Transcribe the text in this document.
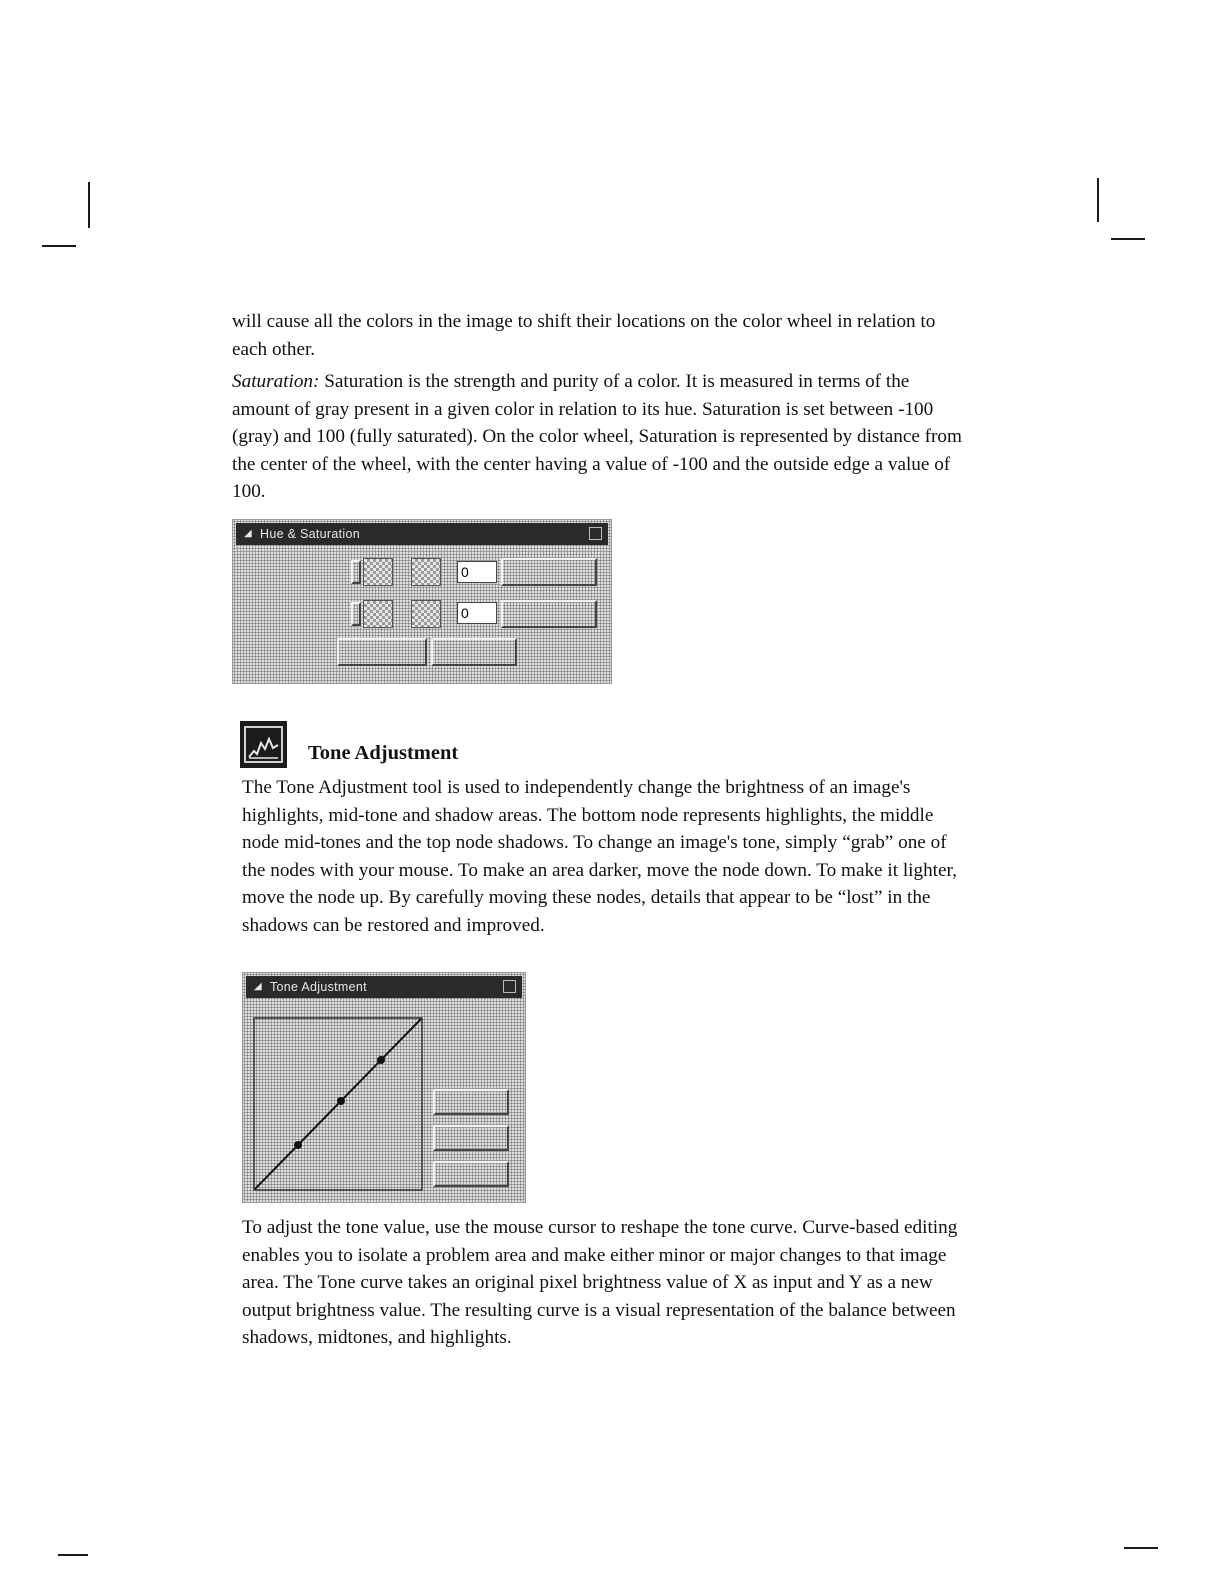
will cause all the colors in the image to shift their locations on the color wheel in relation to each other.

Saturation: Saturation is the strength and purity of a color. It is measured in terms of the amount of gray present in a given color in relation to its hue. Saturation is set between -100 (gray) and 100 (fully saturated). On the color wheel, Saturation is represented by distance from the center of the wheel, with the center having a value of -100 and the outside edge a value of 100.

◢ Hue & Saturation
0
0
Tone Adjustment

The Tone Adjustment tool is used to independently change the brightness of an image's highlights, mid-tone and shadow areas. The bottom node represents highlights, the middle node mid-tones and the top node shadows. To change an image's tone, simply “grab” one of the nodes with your mouse. To make an area darker, move the node down. To make it lighter, move the node up. By carefully moving these nodes, details that appear to be “lost” in the shadows can be restored and improved.

◢ Tone Adjustment

To adjust the tone value, use the mouse cursor to reshape the tone curve. Curve-based editing enables you to isolate a problem area and make either minor or major changes to that image area. The Tone curve takes an original pixel brightness value of X as input and Y as a new output brightness value. The resulting curve is a visual representation of the balance between shadows, midtones, and highlights.
